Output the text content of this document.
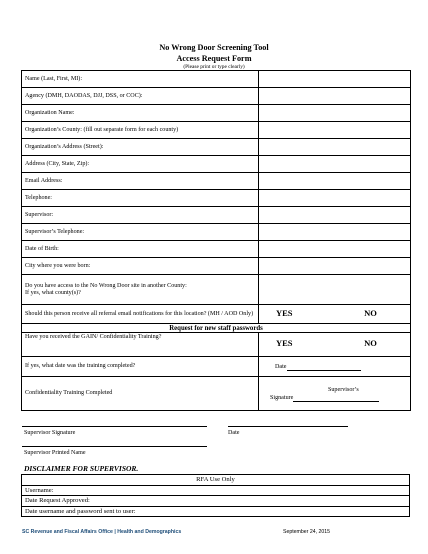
No Wrong Door Screening Tool
Access Request Form
(Please print or type clearly)
Name (Last, First, MI):	
Agency (DMH, DAODAS, DJJ, DSS, or COC):	
Organization Name:	
Organization’s County: (fill out separate form for each county)	
Organization’s Address (Street):	
Address (City, State, Zip):	
Email Address:	
Telephone:	
Supervisor:	
Supervisor’s Telephone:	
Date of Birth:	
City where you were born:	

Do you have access to the No Wrong Door site in another County:
If yes, what county(s)?	

Should this person receive all referral email notifications for this location? (MH / AOD Only)	YES NO
Request for new staff passwords	
Have you received the GAIN/ Confidentiality Training?	YES NO
If yes, what date was the training completed?	Date
Confidentiality Training Completed	Supervisor’s
Signature
Supervisor Signature	Date
Supervisor Printed Name
DISCLAIMER FOR SUPERVISOR.
RFA Use Only
Username:
Date Request Approved:
Date username and password sent to user:
SC Revenue and Fiscal Affairs Office | Health and Demographics	September 24, 2015
